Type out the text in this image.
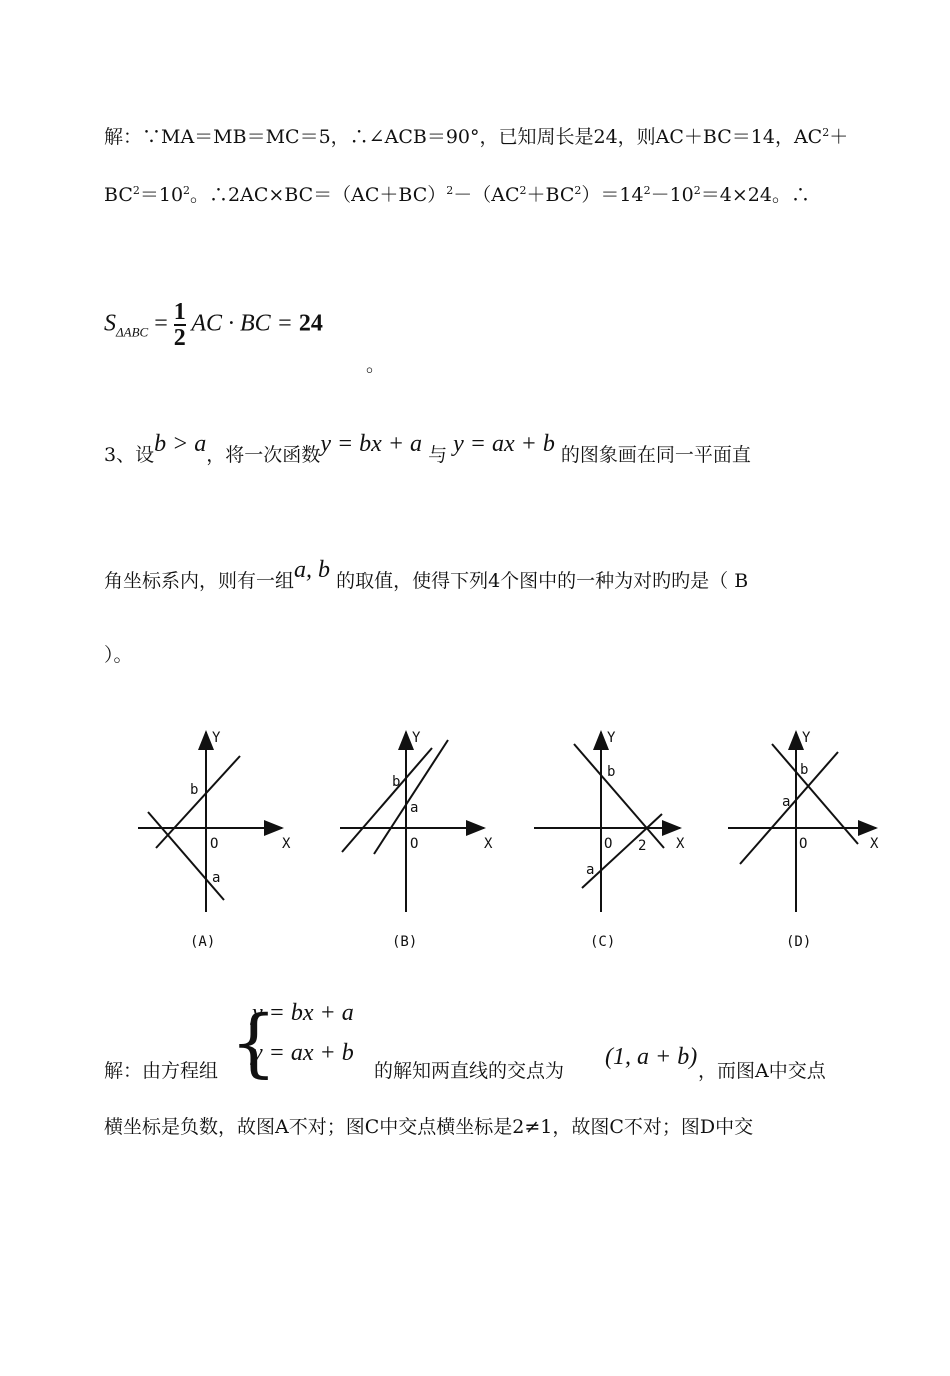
解：∵MA＝MB＝MC＝5，∴∠ACB＝90°，已知周长是24，则AC＋BC＝14，$AC^2+$
$BC^2=10^2$。$\therefore 2AC\times BC=(AC+BC)^2-(AC^2+BC^2)=14^2-10^2=4\times 24$。∴
$S_{\Delta ABC} = \frac{1}{2}$ AC · BC = 24
。
3、设b > a，将一次函数y = bx + a 与 y = ax + b 的图象画在同一平面直
角坐标系内，则有一组a, b 的取值，使得下列4个图中的一种为对旳旳是（ B
）。
Y
X
O
b
a
(A)
Y
X
O
b
a
(B)
Y
X
O
b
a
2
(C)
Y
X
O
b
a
(D)
{
y = bx + a
y = ax + b
解：由方程组	的解知两直线的交点为
(1, a + b)
，而图A中交点
横坐标是负数，故图A不对；图C中交点横坐标是2≠1，故图C不对；图D中交
